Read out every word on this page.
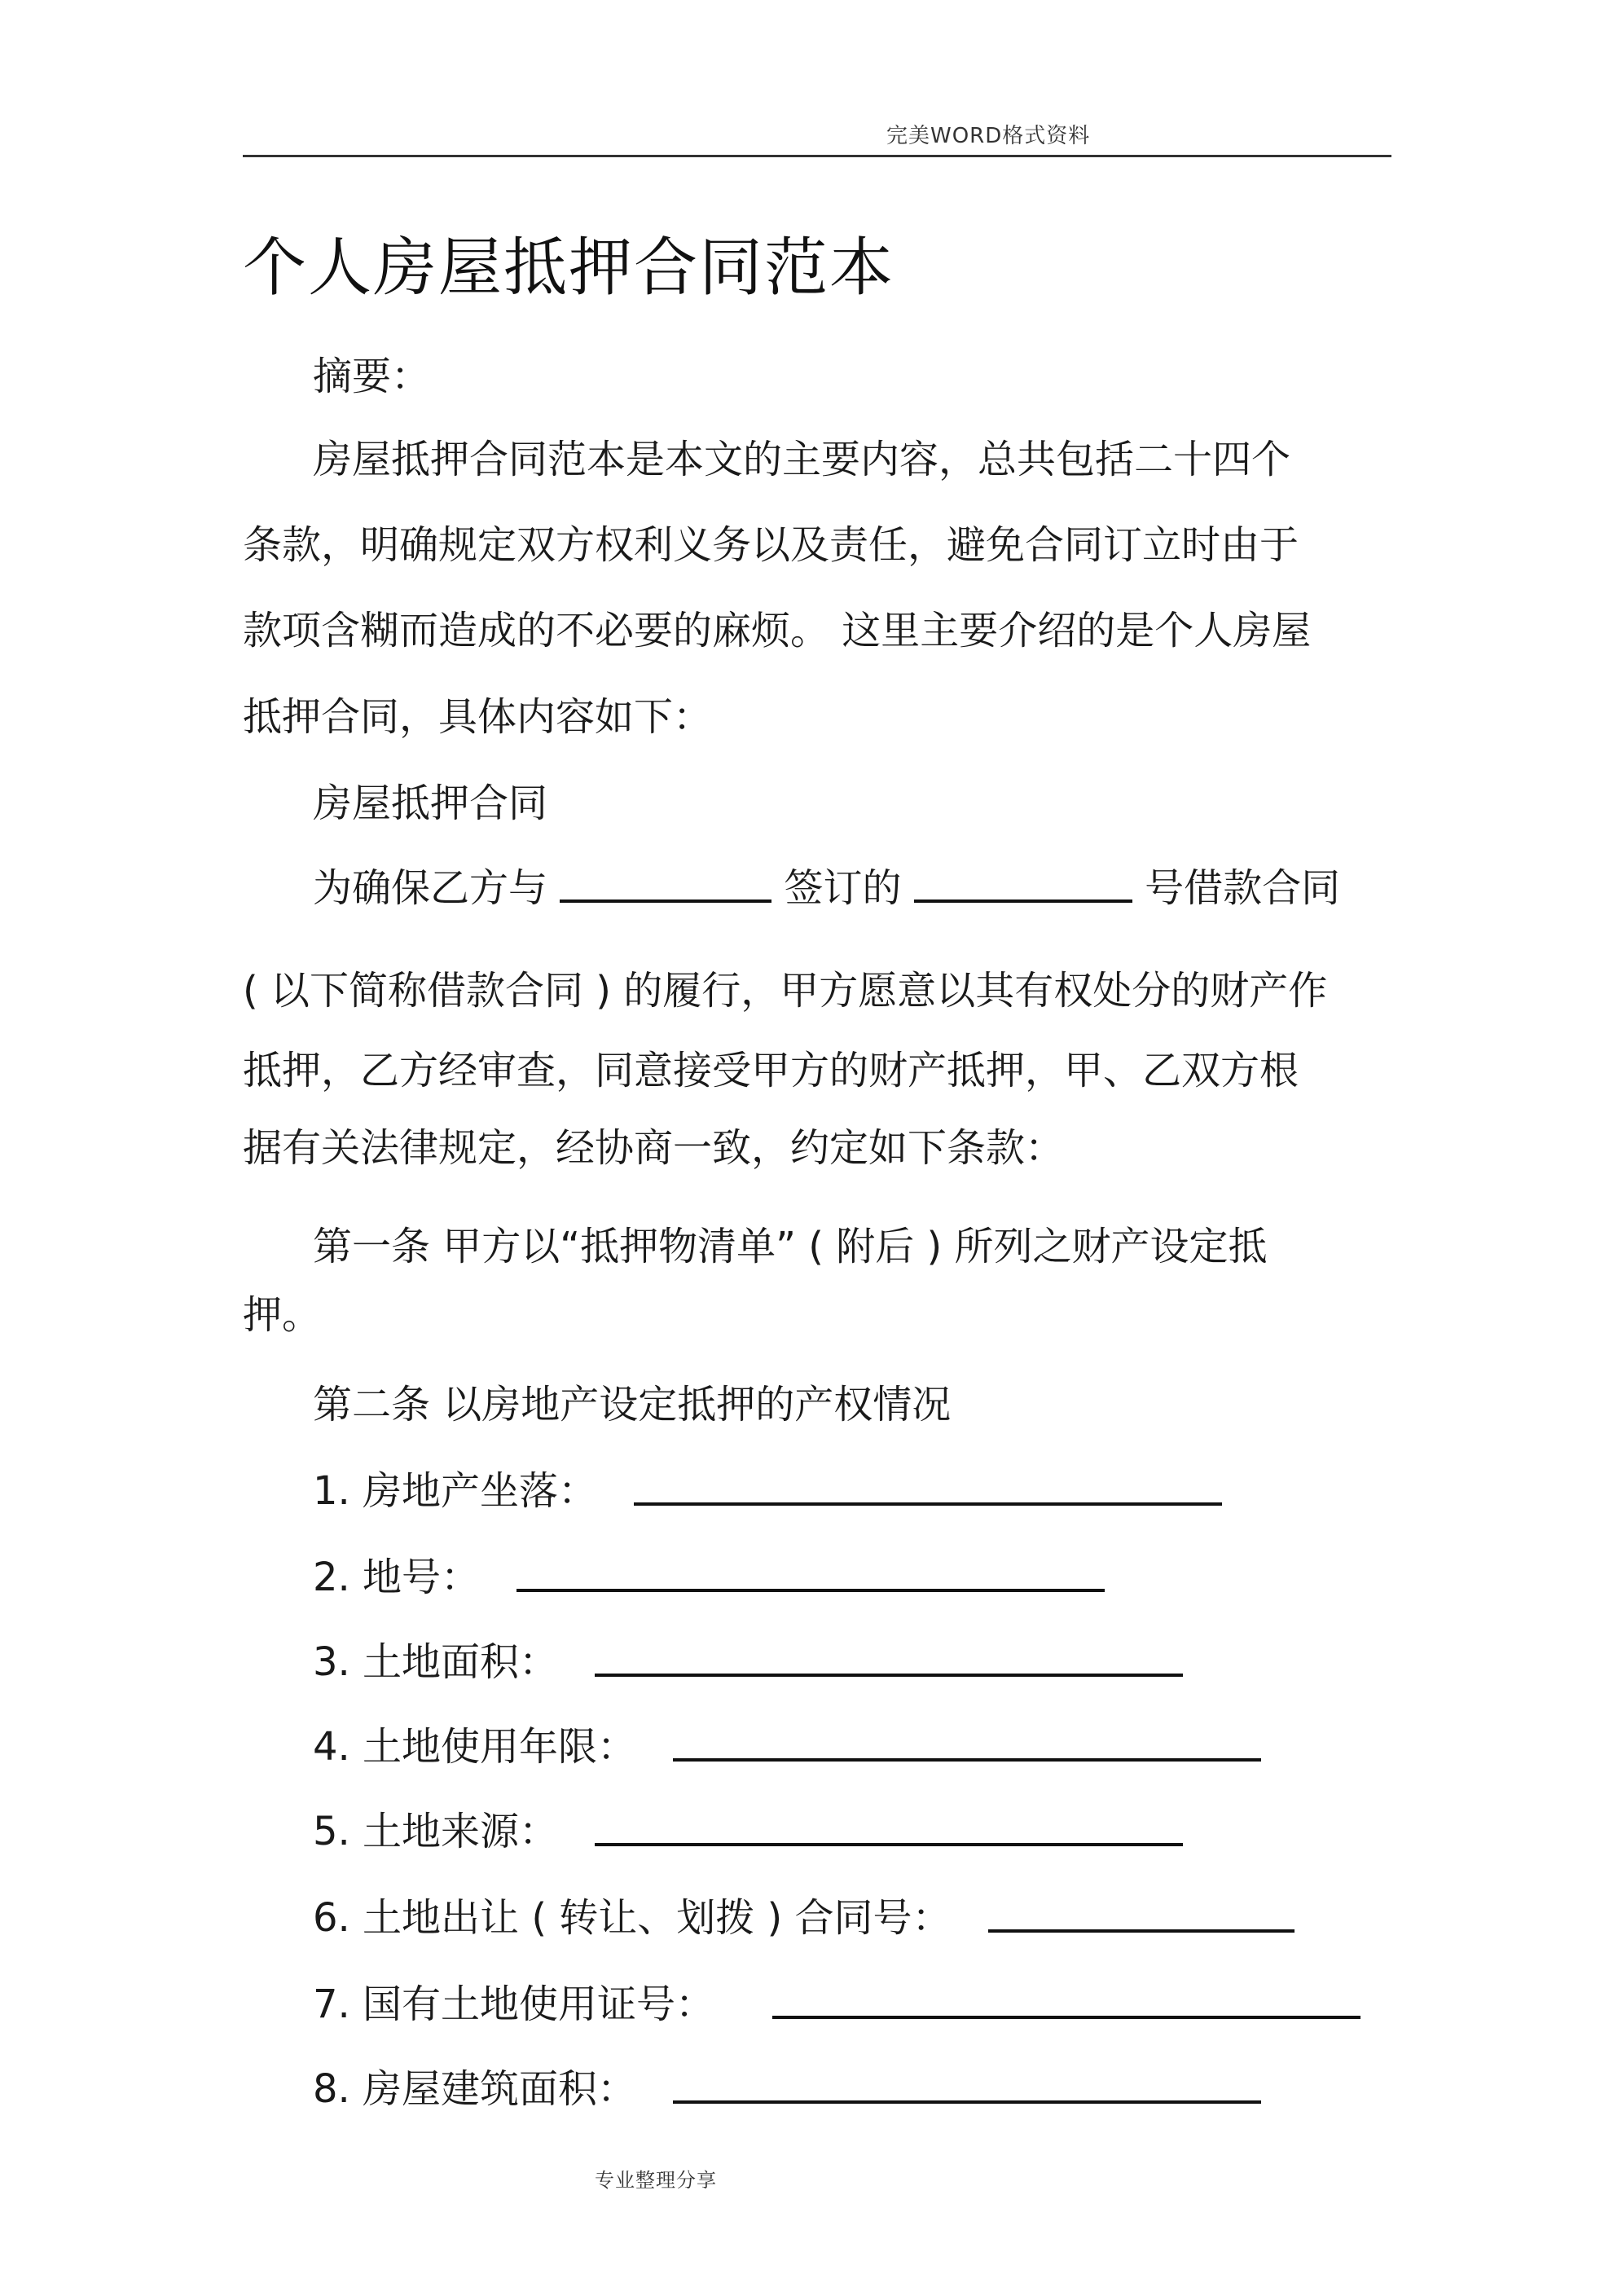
完美WORD格式资料
个人房屋抵押合同范本
摘要：
房屋抵押合同范本是本文的主要内容，总共包括二十四个
条款，明确规定双方权利义务以及责任，避免合同订立时由于
款项含糊而造成的不必要的麻烦。 这里主要介绍的是个人房屋
抵押合同，具体内容如下：
房屋抵押合同
为确保乙方与	签订的	号借款合同
( 以下简称借款合同 ) 的履行，甲方愿意以其有权处分的财产作
抵押，乙方经审查，同意接受甲方的财产抵押，甲、乙双方根
据有关法律规定，经协商一致，约定如下条款：
第一条 甲方以“抵押物清单” ( 附后 ) 所列之财产设定抵
押。
第二条 以房地产设定抵押的产权情况
1. 房地产坐落：
2. 地号：
3. 土地面积：
4. 土地使用年限：
5. 土地来源：
6. 土地出让 ( 转让、划拨 ) 合同号：
7. 国有土地使用证号：
8. 房屋建筑面积：
专业整理分享
